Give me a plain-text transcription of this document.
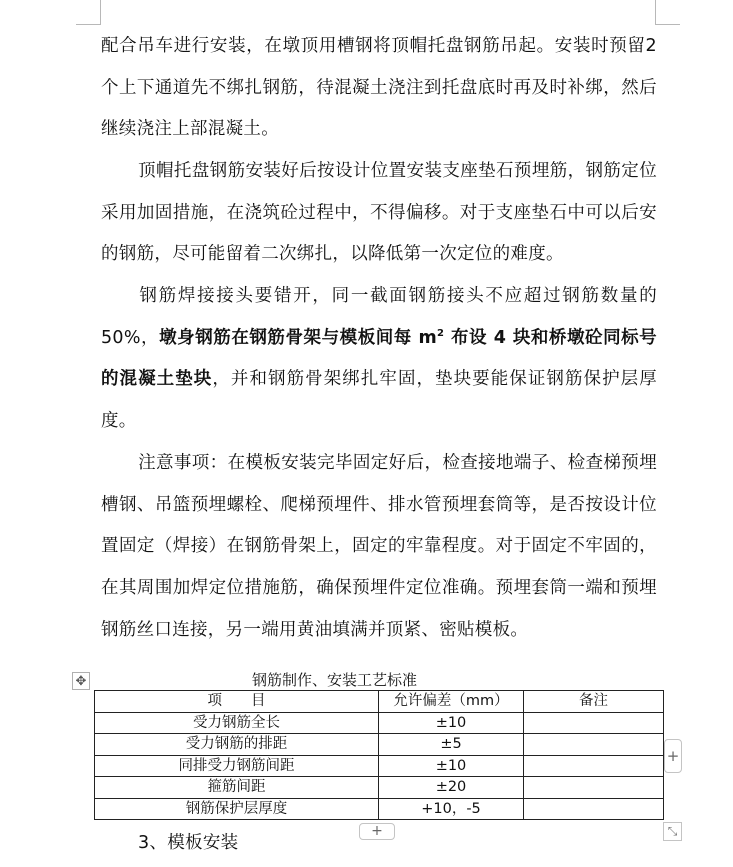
配合吊车进行安装，在墩顶用槽钢将顶帽托盘钢筋吊起。安装时预留2个上下通道先不绑扎钢筋，待混凝土浇注到托盘底时再及时补绑，然后继续浇注上部混凝土。

顶帽托盘钢筋安装好后按设计位置安装支座垫石预埋筋，钢筋定位采用加固措施，在浇筑砼过程中，不得偏移。对于支座垫石中可以后安的钢筋，尽可能留着二次绑扎，以降低第一次定位的难度。

钢筋焊接接头要错开，同一截面钢筋接头不应超过钢筋数量的50%，墩身钢筋在钢筋骨架与模板间每 $m^2$ 布设 4 块和桥墩砼同标号的混凝土垫块，并和钢筋骨架绑扎牢固，垫块要能保证钢筋保护层厚度。

注意事项：在模板安装完毕固定好后，检查接地端子、检查梯预埋槽钢、吊篮预埋螺栓、爬梯预埋件、排水管预埋套筒等，是否按设计位置固定（焊接）在钢筋骨架上，固定的牢靠程度。对于固定不牢固的，在其周围加焊定位措施筋，确保预埋件定位准确。预埋套筒一端和预埋钢筋丝口连接，另一端用黄油填满并顶紧、密贴模板。

✥	钢筋制作、安装工艺标准
项　　目	允许偏差（mm）	备注
受力钢筋全长	±10	
受力钢筋的排距	±5	
同排受力钢筋间距	±10	
箍筋间距	±20	
钢筋保护层厚度	+10，-5	
+
+	⤡
3、模板安装
